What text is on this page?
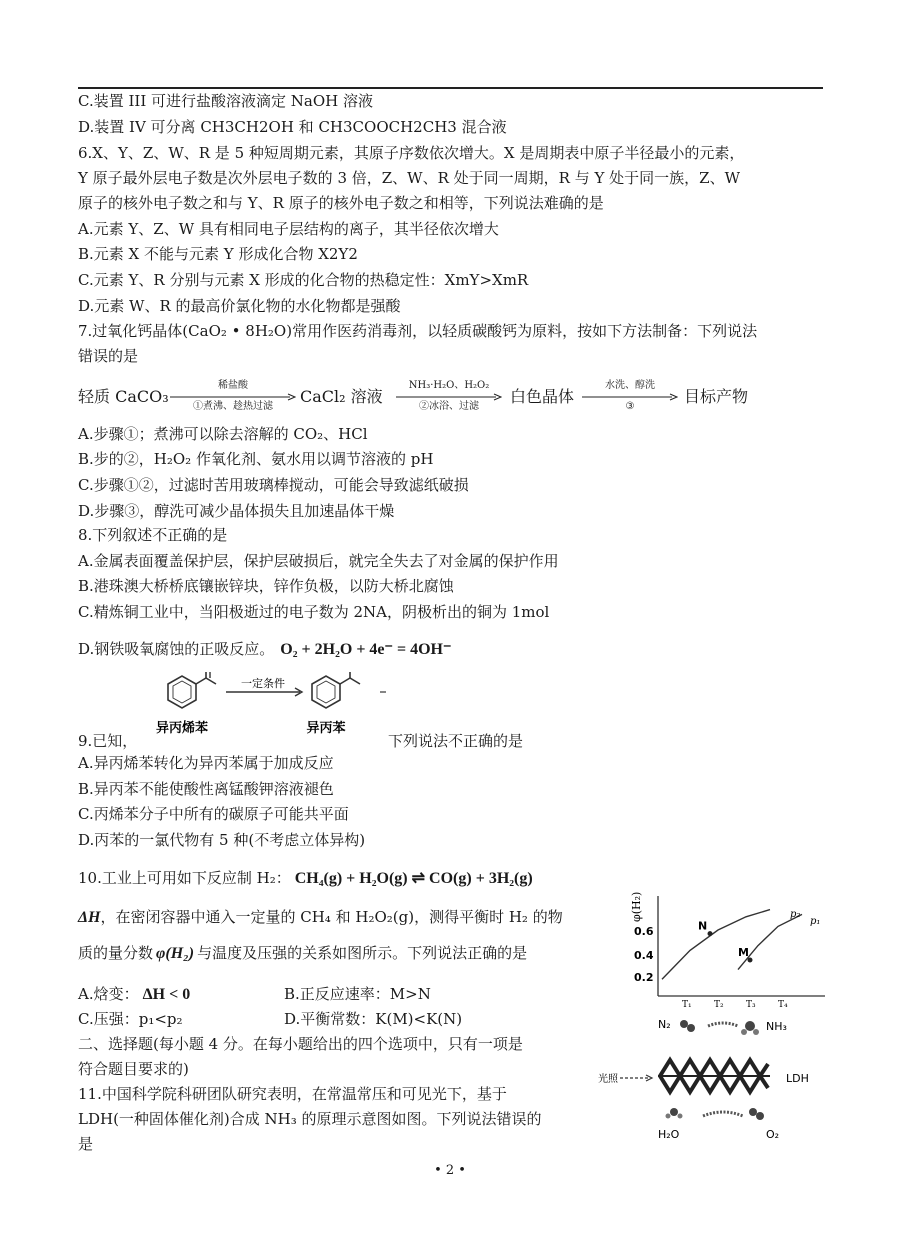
C.装置 III 可进行盐酸溶液滴定 NaOH 溶液
D.装置 IV 可分离 CH3CH2OH 和 CH3COOCH2CH3 混合液
6.X、Y、Z、W、R 是 5 种短周期元素，其原子序数依次增大。X 是周期表中原子半径最小的元素，
Y 原子最外层电子数是次外层电子数的 3 倍，Z、W、R 处于同一周期，R 与 Y 处于同一族，Z、W
原子的核外电子数之和与 Y、R 原子的核外电子数之和相等，下列说法难确的是
A.元素 Y、Z、W 具有相同电子层结构的离子，其半径依次增大
B.元素 X 不能与元素 Y 形成化合物 X2Y2
C.元素 Y、R 分别与元素 X 形成的化合物的热稳定性：XmY>XmR
D.元素 W、R 的最高价氯化物的水化物都是强酸
7.过氧化钙晶体(CaO₂ • 8H₂O)常用作医药消毒剂，以轻质碳酸钙为原料，按如下方法制备：下列说法
错误的是
轻质 CaCO₃
稀盐酸
①煮沸、趁热过滤
CaCl₂ 溶液
NH₃·H₂O、H₂O₂
②冰浴、过滤
白色晶体
水洗、醇洗
③
目标产物
A.步骤①；煮沸可以除去溶解的 CO₂、HCl
B.步的②，H₂O₂ 作氧化剂、氨水用以调节溶液的 pH
C.步骤①②，过滤时苦用玻璃棒搅动，可能会导致滤纸破损
D.步骤③，醇洗可减少晶体损失且加速晶体干燥
8.下列叙述不正确的是
A.金属表面覆盖保护层，保护层破损后，就完全失去了对金属的保护作用
B.港珠澳大桥桥底镶嵌锌块，锌作负极，以防大桥北腐蚀
C.精炼铜工业中，当阳极逝过的电子数为 2NA，阴极析出的铜为 1mol
D.钢铁吸氧腐蚀的正吸反应。 O₂ + 2H₂O + 4e⁻ = 4OH⁻
一定条件
异丙烯苯	异丙苯
9.已知，	下列说法不正确的是
A.异丙烯苯转化为异丙苯属于加成反应
B.异丙苯不能使酸性离锰酸钾溶液褪色
C.丙烯苯分子中所有的碳原子可能共平面
D.丙苯的一氯代物有 5 种(不考虑立体异构)
10.工业上可用如下反应制 H₂： CH₄(g) + H₂O(g) ⇌ CO(g) + 3H₂(g)
ΔH，在密闭容器中通入一定量的 CH₄ 和 H₂O₂(g)，测得平衡时 H₂ 的物
质的量分数 φ(H₂) 与温度及压强的关系如图所示。下列说法正确的是
A.焓变： ΔH < 0	B.正反应速率：M>N
C.压强：p₁<p₂	D.平衡常数：K(M)<K(N)
二、选择题(每小题 4 分。在每小题给出的四个选项中，只有一项是
符合题目要求的)
11.中国科学院科研团队研究表明，在常温常压和可见光下，基于
LDH(一种固体催化剂)合成 NH₃ 的原理示意图如图。下列说法错误的
是
φ(H₂)
0.6
0.4
0.2
T₁ T₂ T₃ T₄
p₂
p₁
N
M
N₂	NH₃
光照	LDH
H₂O	O₂
• 2 •
